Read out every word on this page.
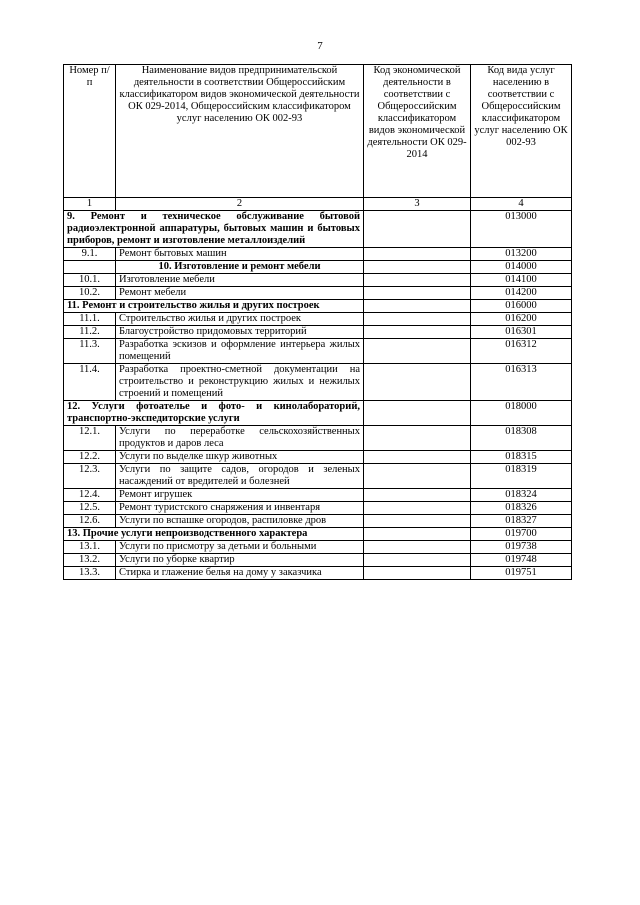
7
Номер п/п	Наименование видов предпринимательской деятельности в соответствии Общероссийским классификатором видов экономической деятельности ОК 029-2014, Общероссийским классификатором услуг населению ОК 002-93	Код экономической деятельности в соответствии с Общероссийским классификатором видов экономической деятельности ОК 029-2014	Код вида услуг населению в соответствии с Общероссийским классификатором услуг населению ОК 002-93
1	2	3	4
9. Ремонт и техническое обслуживание бытовой радиоэлектронной аппаратуры, бытовых машин и бытовых приборов, ремонт и изготовление металлоизделий			013000
9.1.	Ремонт бытовых машин		013200
	10. Изготовление и ремонт мебели		014000
10.1.	Изготовление мебели		014100
10.2.	Ремонт мебели		014200
11. Ремонт и строительство жилья и других построек			016000
11.1.	Строительство жилья и других построек		016200
11.2.	Благоустройство придомовых территорий		016301
11.3.	Разработка эскизов и оформление интерьера жилых помещений		016312
11.4.	Разработка проектно-сметной документации на строительство и реконструкцию жилых и нежилых строений и помещений		016313
12. Услуги фотоателье и фото- и кинолабораторий, транспортно-экспедиторские услуги			018000
12.1.	Услуги по переработке сельскохозяйственных продуктов и даров леса		018308
12.2.	Услуги по выделке шкур животных		018315
12.3.	Услуги по защите садов, огородов и зеленых насаждений от вредителей и болезней		018319
12.4.	Ремонт игрушек		018324
12.5.	Ремонт туристского снаряжения и инвентаря		018326
12.6.	Услуги по вспашке огородов, распиловке дров		018327
13. Прочие услуги непроизводственного характера			019700
13.1.	Услуги по присмотру за детьми и больными		019738
13.2.	Услуги по уборке квартир		019748
13.3.	Стирка и глажение белья на дому у заказчика		019751
